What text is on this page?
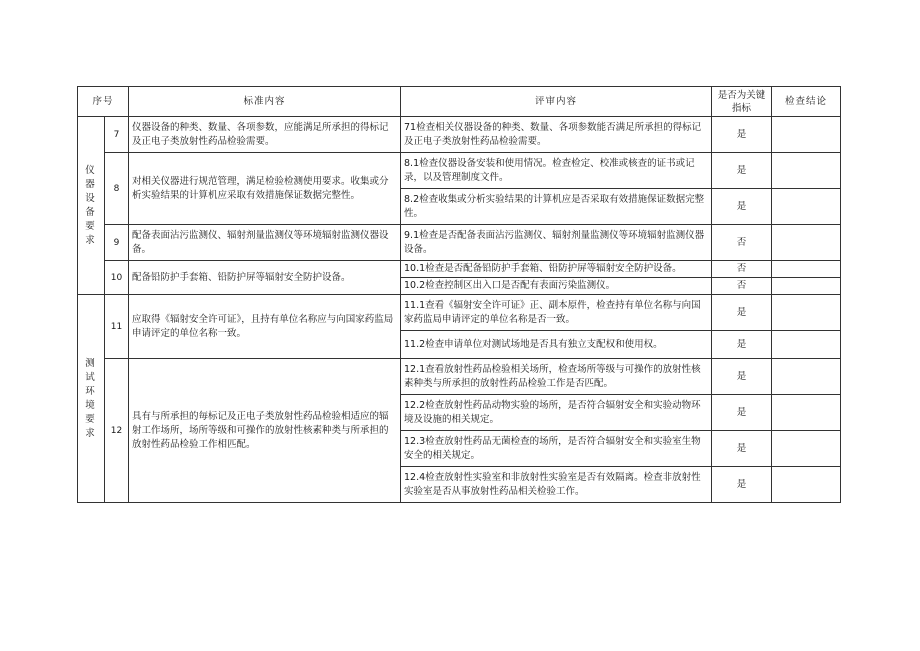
序号		标准内容	评审内容	是否为关键指标	检查结论
仪 器 设 备 要求	7	仪器设备的种类、数量、各项参数，应能满足所承担的得标记及正电子类放射性药品检验需要。	71检查相关仪器设备的种类、数量、各项参数能否满足所承担的得标记及正电子类放射性药品检验需要。	是	
	8	对相关仪器进行规范管理，满足检验检测使用要求。收集或分析实验结果的计算机应采取有效措施保证数据完整性。	8.1检查仪器设备安装和使用情况。检查检定、校准或核查的证书或记录，以及管理制度文件。	是	
			8.2检查收集或分析实验结果的计算机应是否采取有效措施保证数据完整性。	是	
	9	配备表面沾污监测仪、辐射剂量监测仪等环境辐射监测仪器设备。	9.1检查是否配备表面沾污监测仪、辐射剂量监测仪等环境辐射监测仪器设备。	否	
	10	配备铅防护手套箱、铅防护屏等辐射安全防护设备。	10.1检查是否配备铅防护手套箱、铅防护屏等辐射安全防护设备。	否	
			10.2检查控制区出入口是否配有表面污染监测仪。	否	

测 试 环 境 要求	11	应取得《辐射安全许可证》，且持有单位名称应与向国家药监局申请评定的单位名称一致。	11.1查看《辐射安全许可证》正、副本原件，检查持有单位名称与向国家药监局申请评定的单位名称是否一致。	是	
			11.2检查申请单位对测试场地是否具有独立支配权和使用权。	是	
	12	具有与所承担的毎标记及正电子类放射性药品检验相适应的辐射工作场所，场所等级和可操作的放射性核素种类与所承担的放射性药品检验工作相匹配。	12.1查看放射性药品检验相关场所，检查场所等级与可操作的放射性核素种类与所承担的放射性药品检验工作是否匹配。	是	
			12.2检查放射性药品动物实验的场所，是否符合辐射安全和实验动物环境及设施的相关规定。	是	
			12.3检查放射性药品无菌检查的场所，是否符合辐射安全和实验室生物安全的相关规定。	是	
			12.4检查放射性实验室和非放射性实验室是否有效隔离。检查非放射性实验室是否从事放射性药品相关检验工作。	是	
